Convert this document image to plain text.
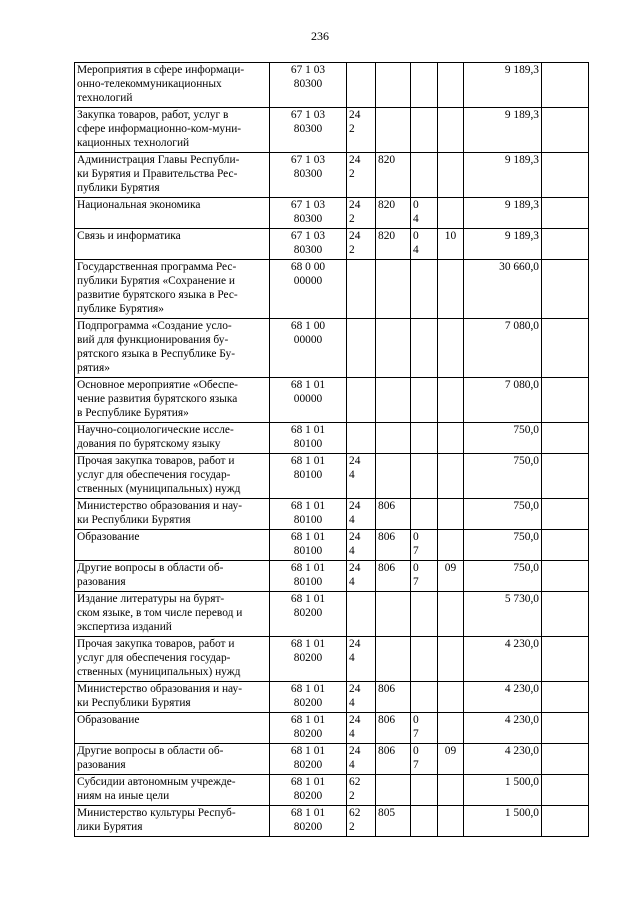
236
Мероприятия в сфере информаци-
онно-телекоммуникационных
технологий	67 1 03
80300					9 189,3	

Закупка товаров, работ, услуг в
сфере информационно-ком-муни-
кационных технологий	67 1 03
80300	24
2				9 189,3	

Администрация Главы Республи-
ки Бурятия и Правительства Рес-
публики Бурятия	67 1 03
80300	24
2	820			9 189,3	

Национальная экономика	67 1 03
80300	24
2	820	0
4		9 189,3	

Связь и информатика	67 1 03
80300	24
2	820	0
4	10	9 189,3	

Государственная программа Рес-
публики Бурятия «Сохранение и
развитие бурятского языка в Рес-
публике Бурятия»	68 0 00
00000					30 660,0	

Подпрограмма «Создание усло-
вий для функционирования бу-
рятского языка в Республике Бу-
рятия»	68 1 00
00000					7 080,0	

Основное мероприятие «Обеспе-
чение развития бурятского языка
в Республике Бурятия»	68 1 01
00000					7 080,0	

Научно-социологические иссле-
дования по бурятскому языку	68 1 01
80100					750,0	

Прочая закупка товаров, работ и
услуг для обеспечения государ-
ственных (муниципальных) нужд	68 1 01
80100	24
4				750,0	

Министерство образования и нау-
ки Республики Бурятия	68 1 01
80100	24
4	806			750,0	

Образование	68 1 01
80100	24
4	806	0
7		750,0	

Другие вопросы в области об-
разования	68 1 01
80100	24
4	806	0
7	09	750,0	

Издание литературы на бурят-
ском языке, в том числе перевод и
экспертиза изданий	68 1 01
80200					5 730,0	

Прочая закупка товаров, работ и
услуг для обеспечения государ-
ственных (муниципальных) нужд	68 1 01
80200	24
4				4 230,0	

Министерство образования и нау-
ки Республики Бурятия	68 1 01
80200	24
4	806			4 230,0	

Образование	68 1 01
80200	24
4	806	0
7		4 230,0	

Другие вопросы в области об-
разования	68 1 01
80200	24
4	806	0
7	09	4 230,0	

Субсидии автономным учрежде-
ниям на иные цели	68 1 01
80200	62
2				1 500,0	

Министерство культуры Респуб-
лики Бурятия	68 1 01
80200	62
2	805			1 500,0	
